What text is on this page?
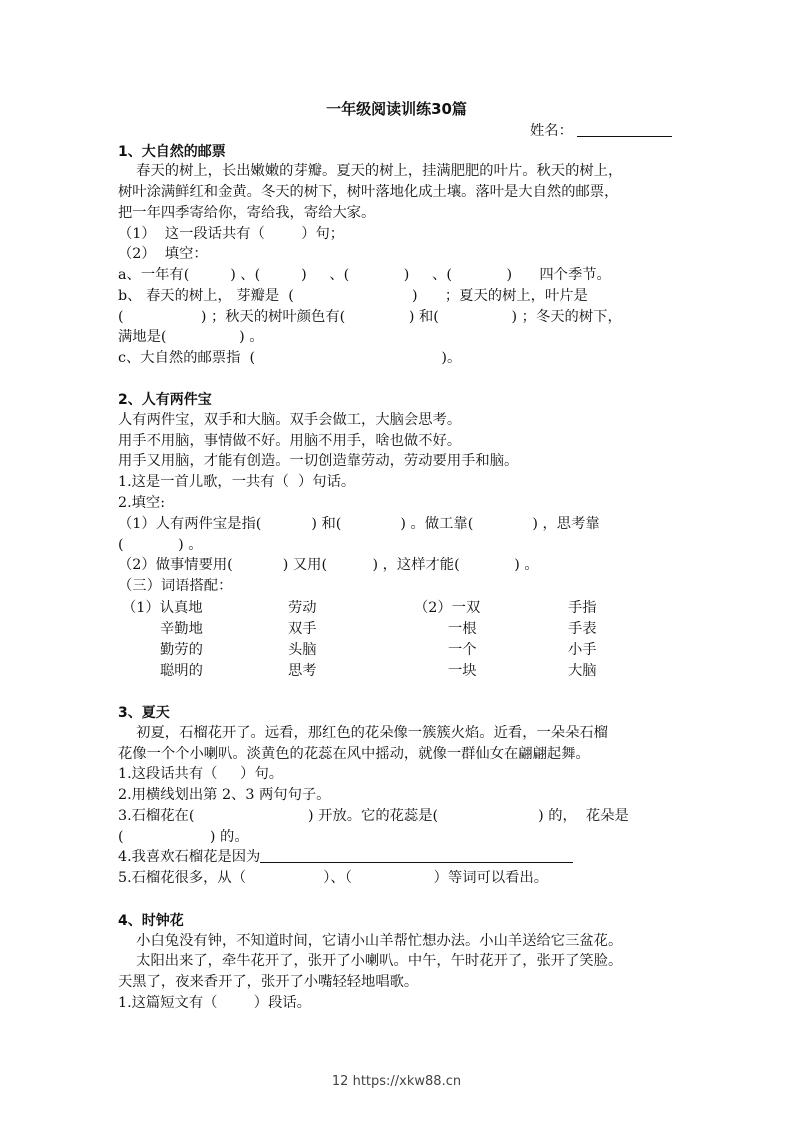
一年级阅读训练30篇
姓名：
1、大自然的邮票
春天的树上，长出嫩嫩的芽瓣。夏天的树上，挂满肥肥的叶片。秋天的树上，
树叶涂满鲜红和金黄。冬天的树下，树叶落地化成土壤。落叶是大自然的邮票，
把一年四季寄给你，寄给我，寄给大家。
（1）  这一段话共有（        ）句；
（2）  填空：
a、一年有(         ) 、(         )     、(            )     、(            )      四个季节。
b、 春天的树上， 芽瓣是  (                          )      ；夏天的树上，叶片是
(                 ) ；秋天的树叶颜色有(              ) 和(                ) ；冬天的树下，
满地是(                ) 。
c、大自然的邮票指  (                                         )。
2、人有两件宝
人有两件宝，双手和大脑。双手会做工，大脑会思考。
用手不用脑，事情做不好。用脑不用手，啥也做不好。
用手又用脑，才能有创造。一切创造靠劳动，劳动要用手和脑。
1.这是一首儿歌，一共有（  ）句话。
2.填空:
（1）人有两件宝是指(           ) 和(             ) 。做工靠(             ) ，思考靠
(            ) 。
（2）做事情要用(           ) 又用(          ) ，这样才能(            ) 。
（三）词语搭配：
（1）认真地	劳动	（2）一双	手指
辛勤地	双手	一根	手表
勤劳的	头脑	一个	小手
聪明的	思考	一块	大脑
3、夏天
初夏，石榴花开了。远看，那红色的花朵像一簇簇火焰。近看，一朵朵石榴
花像一个个小喇叭。淡黄色的花蕊在风中摇动，就像一群仙女在翩翩起舞。
1.这段话共有（     ）句。
2.用横线划出第 2、3 两句句子。
3.石榴花在(                         ) 开放。它的花蕊是(                      ) 的，  花朵是
(                   ) 的。
4.我喜欢石榴花是因为
5.石榴花很多，从（                 ）、（                  ）等词可以看出。
4、时钟花
小白兔没有钟，不知道时间，它请小山羊帮忙想办法。小山羊送给它三盆花。
太阳出来了，牵牛花开了，张开了小喇叭。中午，午时花开了，张开了笑脸。
天黑了，夜来香开了，张开了小嘴轻轻地唱歌。
1.这篇短文有（        ）段话。
12 https://xkw88.cn
